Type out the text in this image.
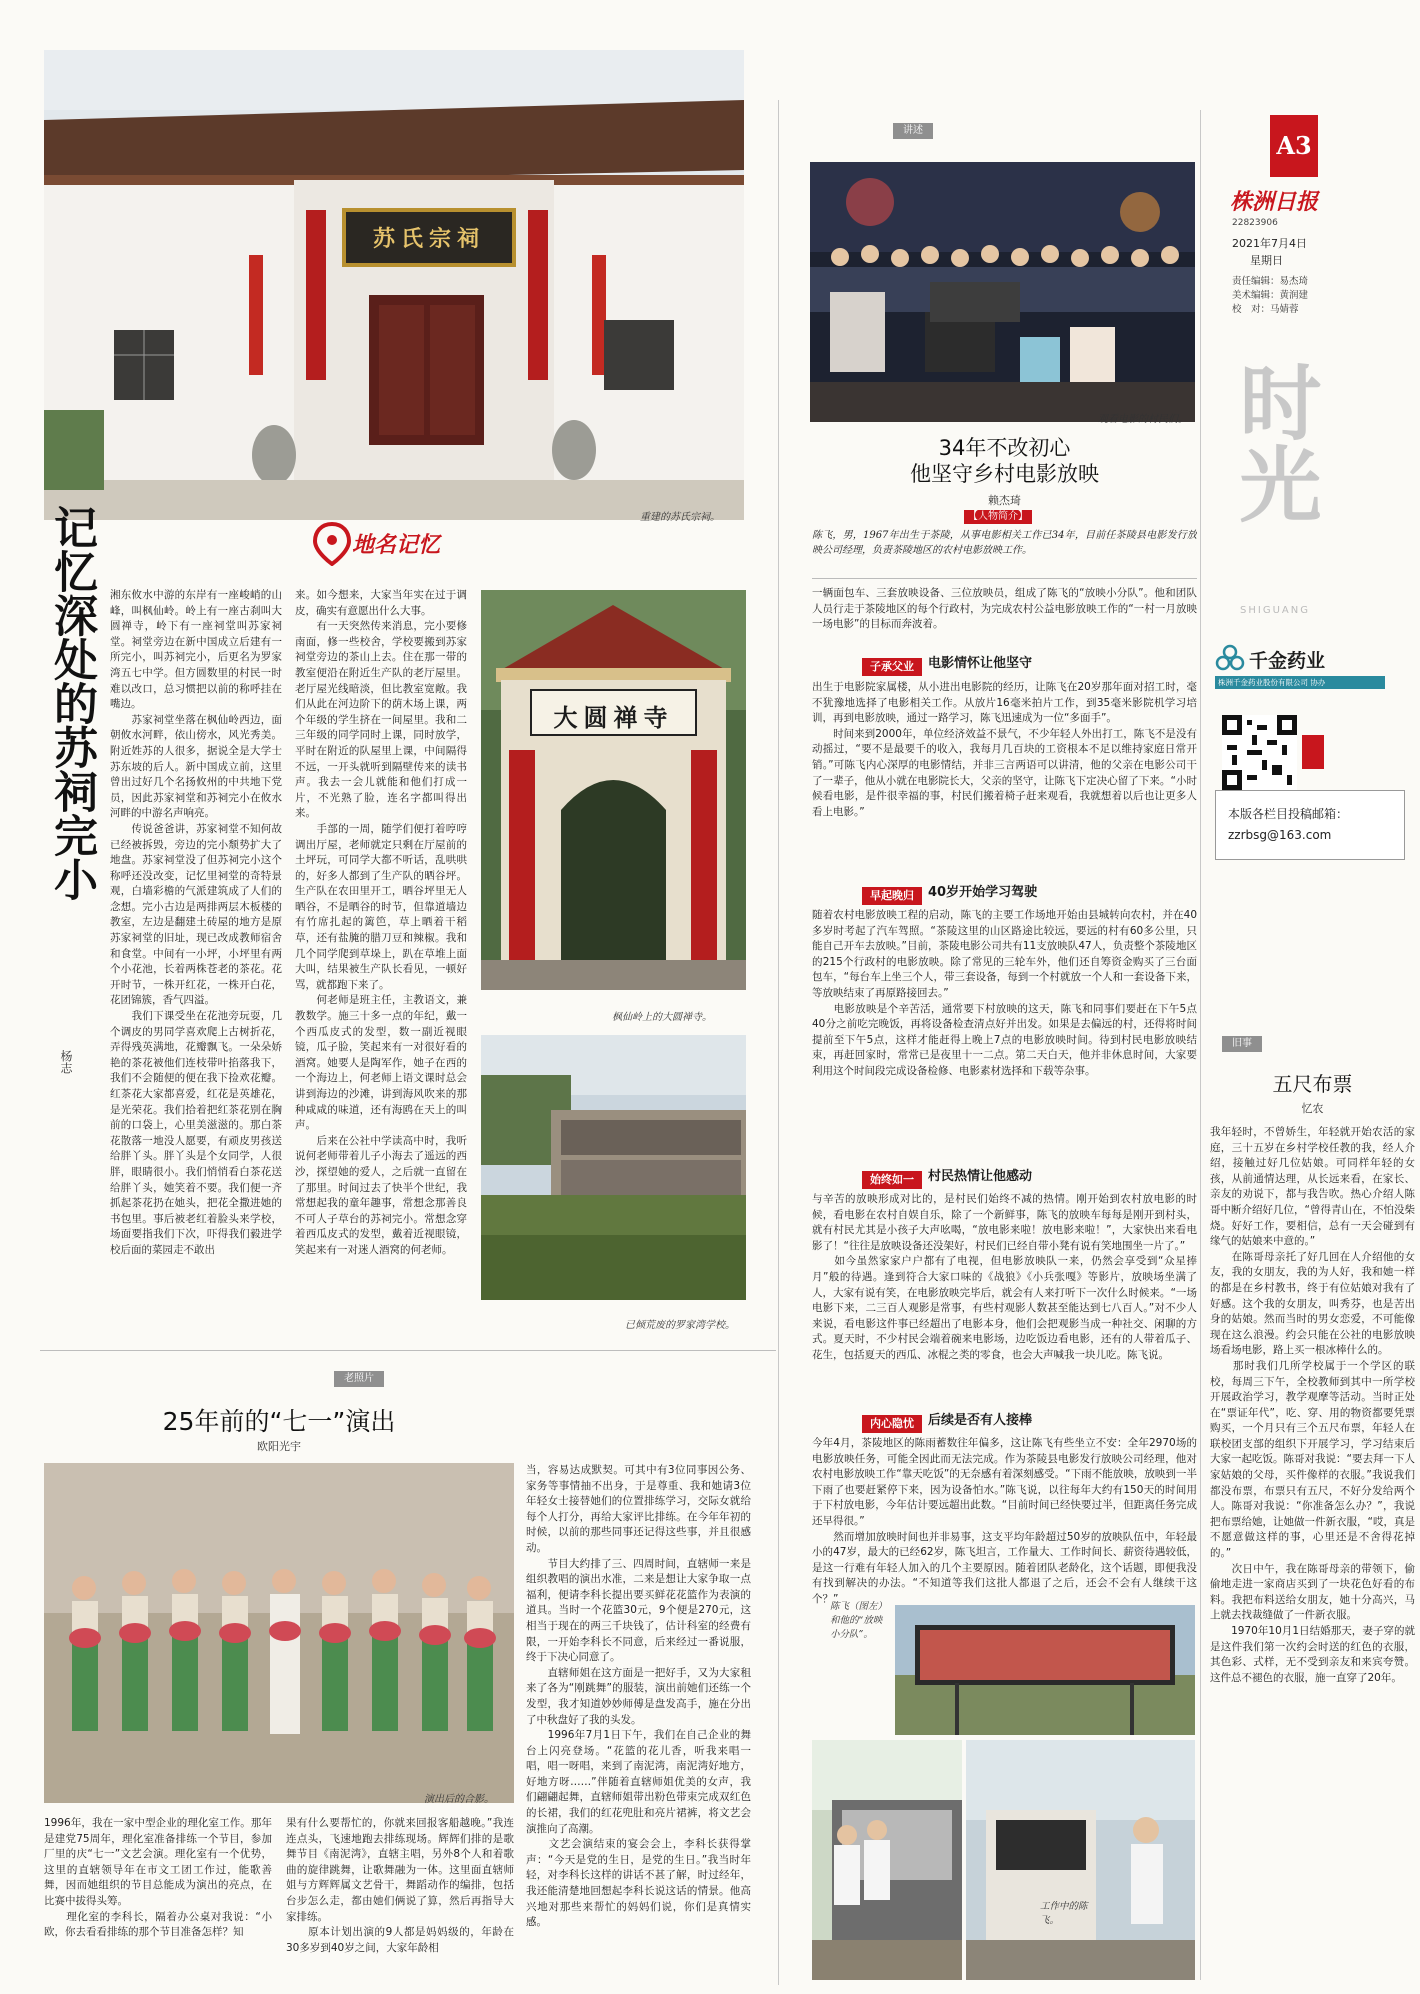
苏氏宗祠
重建的苏氏宗祠。
记忆深处的苏祠完小
杨志
地名记忆
湘东攸水中游的东岸有一座峻峭的山峰，叫枫仙岭。岭上有一座古刹叫大圆禅寺，岭下有一座祠堂叫苏家祠堂。祠堂旁边在新中国成立后建有一所完小，叫苏祠完小，后更名为罗家湾五七中学。但方圆数里的村民一时难以改口，总习惯把以前的称呼挂在嘴边。
　　苏家祠堂坐落在枫仙岭西边，面朝攸水河畔，依山傍水，风光秀美。附近姓苏的人很多，据说全是大学士苏东坡的后人。新中国成立前，这里曾出过好几个名扬攸州的中共地下党员，因此苏家祠堂和苏祠完小在攸水河畔的中游名声响亮。
　　传说爸爸讲，苏家祠堂不知何故已经被拆毁，旁边的完小颓势扩大了地盘。苏家祠堂没了但苏祠完小这个称呼还没改变，记忆里祠堂的奇特景观，白墙彩檐的气派建筑成了人们的念想。完小古边是两排两层木板楼的教室，左边是翻建土砖屋的地方是原苏家祠堂的旧址，现已改成教师宿舍和食堂。中间有一小坪，小坪里有两个小花池，长着两株苍老的茶花。花开时节，一株开红花，一株开白花，花团锦簇，香气四溢。
　　我们下课受坐在花池旁玩耍，几个调皮的男同学喜欢爬上古树折花，弄得残英满地，花瓣飘飞。一朵朵娇艳的茶花被他们连枝带叶掐落我下，我们不会随便的便在我下捡欢花瓣。红茶花大家都喜爱，红花是英雄花，是光荣花。我们拾着把红茶花别在胸前的口袋上，心里美滋滋的。那白茶花散落一地没人愿要，有顽皮男孩送给胖丫头。胖丫头是个女同学，人很胖，眼睛很小。我们悄悄看白茶花送给胖丫头，她笑着不要。我们便一齐抓起茶花扔在她头，把花全撒进她的书包里。事后被老红着脸头来学校，场面要指我们下次，吓得我们毅进学校后面的菜园走不敢出
来。如今想来，大家当年实在过于调皮，确实有意愿出什么大事。
　　有一天突然传来消息，完小要修南面，修一些校舍，学校要搬到苏家祠堂旁边的茶山上去。住在那一带的教室便沿在附近生产队的老厅屋里。老厅屋光线暗淡，但比教室宽敞。我们从此在河边阶下的荫木场上课，两个年级的学生挤在一间屋里。我和二三年级的同学同时上课，同时放学，平时在附近的队屋里上课，中间隔得不远，一开头就听到隔壁传来的读书声。我去一会儿就能和他们打成一片，不光熟了脸，连名字都叫得出来。
　　手部的一周，随学们便打着哼哼调出厅屋，老师就定只剩在厅屋前的土坪玩，可同学大都不听话，乱哄哄的，好多人都到了生产队的晒谷坪。生产队在农田里开工，晒谷坪里无人晒谷，不是晒谷的时节，但靠道墙边有竹席扎起的篱笆，草上晒着干稻草，还有盐腌的腊刀豆和辣椒。我和几个同学爬到草垛上，趴在草堆上面大叫，结果被生产队长看见，一顿好骂，就都跑下来了。
　　何老师是班主任，主教语文，兼教数学。施三十多一点的年纪，戴一个西瓜皮式的发型，数一副近视眼镜，瓜子脸，笑起来有一对很好看的酒窝。她要人是陶军作，她子在西的一个海边上，何老师上语文课时总会讲到海边的沙滩，讲到海风吹来的那种咸咸的味道，还有海鸥在天上的叫声。
　　后来在公社中学读高中时，我听说何老师带着儿子小海去了遥远的西沙，探望她的爱人，之后就一直留在了那里。时间过去了快半个世纪，我常想起我的童年趣事，常想念那善良不可人子草台的苏祠完小。常想念穿着西瓜皮式的发型，戴着近视眼镜，笑起来有一对迷人酒窝的何老师。
大圆禅寺
枫仙岭上的大圆禅寺。
已倾荒废的罗家湾学校。
讲述
观看电影的村民们。
34年不改初心
他坚守乡村电影放映
赖杰琦
【人物简介】
陈飞，男，1967年出生于茶陵，从事电影相关工作已34年，目前任茶陵县电影发行放映公司经理，负责茶陵地区的农村电影放映工作。
一辆面包车、三套放映设备、三位放映员，组成了陈飞的“放映小分队”。他和团队人员行走于茶陵地区的每个行政村，为完成农村公益电影放映工作的“一村一月放映一场电影”的目标而奔波着。
子承父业 电影情怀让他坚守
出生于电影院家属楼，从小进出电影院的经历，让陈飞在20岁那年面对招工时，毫不犹豫地选择了电影相关工作。从放片16毫米拍片工作，到35毫米影院机学习培训，再到电影放映，通过一路学习，陈飞迅速成为一位“多面手”。
　　时间来到2000年，单位经济效益不景气，不少年轻人外出打工，陈飞不是没有动摇过，“要不是最要千的收入，我每月几百块的工资根本不足以维持家庭日常开销。”可陈飞内心深厚的电影情结，并非三言两语可以讲清，他的父亲在电影公司干了一辈子，他从小就在电影院长大，父亲的坚守，让陈飞下定决心留了下来。“小时候看电影，是件很幸福的事，村民们搬着椅子赶来观看，我就想着以后也让更多人看上电影。”
早起晚归 40岁开始学习驾驶
随着农村电影放映工程的启动，陈飞的主要工作场地开始由县城转向农村，并在40多岁时考起了汽车驾照。“茶陵这里的山区路途比较远，要远的村有60多公里，只能自己开车去放映。”目前，茶陵电影公司共有11支放映队47人，负责整个茶陵地区的215个行政村的电影放映。除了常见的三轮车外，他们还自筹资金购买了三台面包车，“每台车上坐三个人，带三套设备，每到一个村就放一个人和一套设备下来，等放映结束了再原路接回去。”
　　电影放映是个辛苦活，通常要下村放映的这天，陈飞和同事们要赶在下午5点40分之前吃完晚饭，再将设备检查清点好并出发。如果是去偏远的村，还得将时间提前至下午5点，这样才能赶得上晚上7点的电影放映时间。待到村民电影放映结束，再赶回家时，常常已是夜里十一二点。第二天白天，他并非休息时间，大家要利用这个时间段完成设备检修、电影素材选择和下载等杂事。
始终如一 村民热情让他感动
与辛苦的放映形成对比的，是村民们始终不减的热情。刚开始到农村放电影的时候，看电影在农村自娱自乐，除了一个新鲜事，陈飞的放映车每每是刚开到村头，就有村民尤其是小孩子大声吆喝，“放电影来啦！放电影来啦！”，大家快出来看电影了！“往往是放映设备还没架好，村民们已经自带小凳有说有笑地围坐一片了。”
　　如今虽然家家户户都有了电视，但电影放映队一来，仍然会享受到“众星捧月”般的待遇。逢到符合大家口味的《战狼》《小兵张嘎》等影片，放映场坐满了人，大家有说有笑，在电影放映完毕后，就会有人来打听下一次什么时候来。“一场电影下来，二三百人观影是常事，有些村观影人数甚至能达到七八百人。”对不少人来说，看电影这件事已经超出了电影本身，他们会把观影当成一种社交、闲聊的方式。夏天时，不少村民会端着碗来电影场，边吃饭边看电影，还有的人带着瓜子、花生，包括夏天的西瓜、冰棍之类的零食，也会大声喊我一块儿吃。陈飞说。
内心隐忧 后续是否有人接棒
今年4月，茶陵地区的陈雨蓄数往年偏多，这让陈飞有些坐立不安：全年2970场的电影放映任务，可能全因此而无法完成。作为茶陵县电影发行放映公司经理，他对农村电影放映工作“靠天吃饭”的无奈感有着深刻感受。“下雨不能放映，放映到一半下雨了也要赶紧停下来，因为设备怕水。”陈飞说，以往每年大约有150天的时间用于下村放电影，今年估计要远超出此数。“目前时间已经快要过半，但距离任务完成还早得很。”
　　然而增加放映时间也并非易事，这支平均年龄超过50岁的放映队伍中，年轻最小的47岁，最大的已经62岁，陈飞坦言，工作量大、工作时间长、薪资待遇较低，是这一行难有年轻人加入的几个主要原因。随着团队老龄化，这个话题，即便我没有找到解决的办法。“不知道等我们这批人都退了之后，还会不会有人继续干这个？”
陈飞（图左）和他的“放映小分队”。
工作中的陈飞。
A3
株洲日报
22823906
2021年7月4日
星期日
责任编辑：易杰琦
美术编辑：黄润建
校　对：马婧蓉
时光
SHIGUANG
千金药业
株洲千金药业股份有限公司 协办
本版各栏目投稿邮箱：
zzrbsg@163.com
旧事
五尺布票
忆农
我年轻时，不曾娇生，年轻就开始农活的家庭，三十五岁在乡村学校任教的我，经人介绍，接触过好几位姑娘。可同样年轻的女孩，从前通情达理，从长远来看，在家长、亲友的劝说下，都与我告吹。热心介绍人陈哥中断介绍好几位，“曾得青山在，不怕没柴烧。好好工作，要相信，总有一天会碰到有缘气的姑娘来中意的。”
　　在陈哥母亲托了好几回在人介绍他的女友，我的女朋友，我的为人好，我和她一样的都是在乡村教书，终于有位姑娘对我有了好感。这个我的女朋友，叫秀芬，也是苦出身的姑娘。然而当时的男女恋爱，不可能像现在这么浪漫。约会只能在公社的电影放映场看场电影，路上买一根冰棒什么的。
　　那时我们几所学校属于一个学区的联校，每周三下午，全校教师到其中一所学校开展政治学习，教学观摩等活动。当时正处在“票证年代”，吃、穿、用的物资都要凭票购买，一个月只有三个五尺布票，年轻人在联校团支部的组织下开展学习，学习结束后大家一起吃饭。陈哥对我说：“要去拜一下人家姑娘的父母，买件像样的衣服。”我说我们都没布票，布票只有五尺，不好分发给两个人。陈哥对我说：“你准备怎么办？”，我说把布票给她，让她做一件新衣服，“哎，真是不愿意做这样的事，心里还是不舍得花掉的。”
　　次日中午，我在陈哥母亲的带领下，偷偷地走进一家商店买到了一块花色好看的布料。我把布料送给女朋友，她十分高兴，马上就去找裁缝做了一件新衣服。
　　1970年10月1日结婚那天，妻子穿的就是这件我们第一次约会时送的红色的衣服，其色彩、式样，无不受到亲友和来宾夸赞。这件总不褪色的衣服，施一直穿了20年。
老照片
25年前的“七一”演出
欧阳光宇
演出后的合影。
1996年，我在一家中型企业的理化室工作。那年是建党75周年，理化室准备排练一个节目，参加厂里的庆“七一”文艺会演。理化室有一个优势，这里的直辖领导年在市文工团工作过，能歌善舞，因而她组织的节目总能成为演出的亮点，在比赛中拔得头筹。
　　理化室的李科长，隔着办公桌对我说：“小欧，你去看看排练的那个节目准备怎样？知
果有什么要帮忙的，你就来回报客船越晚。”我连连点头，飞速地跑去排练现场。辉辉们排的是歌舞节目《南泥湾》，直辖主唱，另外8个人和着歌曲的旋律跳舞，让歌舞融为一体。这里面直辖师姐与方辉辉属文艺骨干，舞蹈动作的编排，包括台步怎么走，都由她们俩说了算，然后再指导大家排练。
　　原本计划出演的9人都是妈妈级的，年龄在30多岁到40岁之间，大家年龄相
当，容易达成默契。可其中有3位同事因公务、家务等事情抽不出身，于是尊重、我和她请3位年轻女士接替她们的位置排练学习，交际女就给每个人打分，再给大家评比排练。在今年年初的时候，以前的那些同事还记得这些事，并且很感动。
　　节目大约排了三、四周时间，直辖师一来是组织教唱的演出水准，二来是想让大家争取一点福利，便请李科长提出要买鲜花花篮作为表演的道具。当时一个花篮30元，9个便是270元，这相当于现在的两三千块钱了，估计科室的经费有限，一开始李科长不同意，后来经过一番说服，终于下决心同意了。
　　直辖师姐在这方面是一把好手，又为大家租来了各为“刚跳舞”的服装，演出前她们还练一个发型，我才知道妙妙师傅是盘发高手，施在分出了中秋盘好了我的头发。
　　1996年7月1日下午，我们在自己企业的舞台上闪亮登场。“花篮的花儿香，听我来唱一唱，唱一呀唱，来到了南泥湾，南泥湾好地方，好地方呀……”伴随着直辖师姐优美的女声，我们翩翩起舞，直辖师姐带出粉色带束完成双红色的长裙，我们的红花兜肚和亮片裙裤，将文艺会演推向了高潮。
　　文艺会演结束的宴会会上，李科长获得掌声：“今天是党的生日，是党的生日。”我当时年轻，对李科长这样的讲话不甚了解，时过经年，我还能清楚地回想起李科长说这话的情景。他高兴地对那些来帮忙的妈妈们说，你们是真情实感。
